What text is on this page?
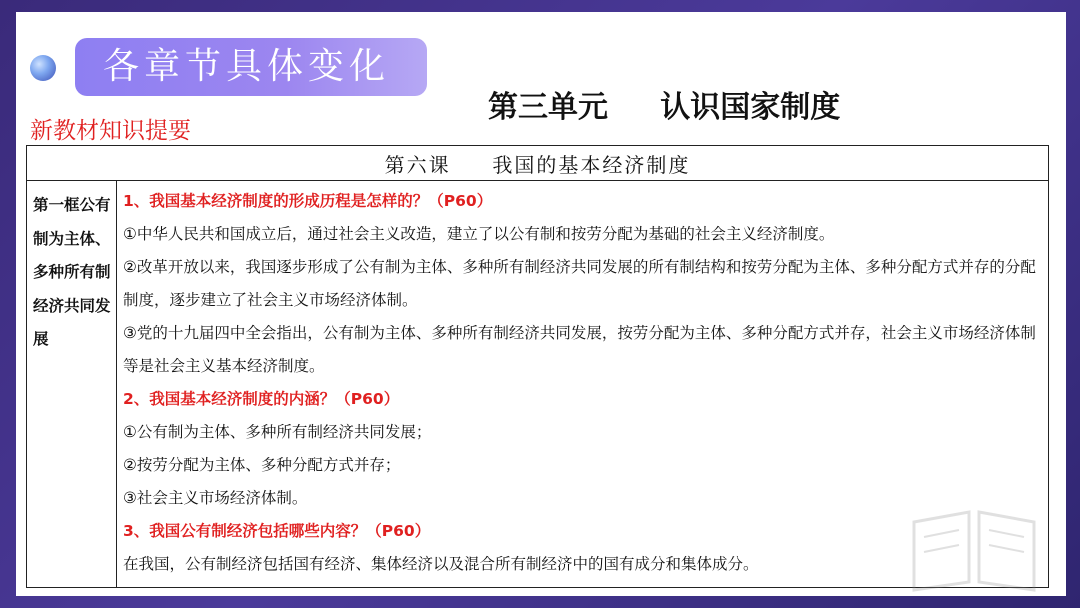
各章节具体变化
第三单元     认识国家制度
新教材知识提要
第六课     我国的基本经济制度
第一框公有制为主体、多种所有制经济共同发展	
1、我国基本经济制度的形成历程是怎样的？（P60）
①中华人民共和国成立后，通过社会主义改造，建立了以公有制和按劳分配为基础的社会主义经济制度。
②改革开放以来，我国逐步形成了公有制为主体、多种所有制经济共同发展的所有制结构和按劳分配为主体、多种分配方式并存的分配制度，逐步建立了社会主义市场经济体制。
③党的十九届四中全会指出，公有制为主体、多种所有制经济共同发展，按劳分配为主体、多种分配方式并存，社会主义市场经济体制等是社会主义基本经济制度。
2、我国基本经济制度的内涵？（P60）
①公有制为主体、多种所有制经济共同发展；
②按劳分配为主体、多种分配方式并存；
③社会主义市场经济体制。
3、我国公有制经济包括哪些内容？（P60）
在我国，公有制经济包括国有经济、集体经济以及混合所有制经济中的国有成分和集体成分。
